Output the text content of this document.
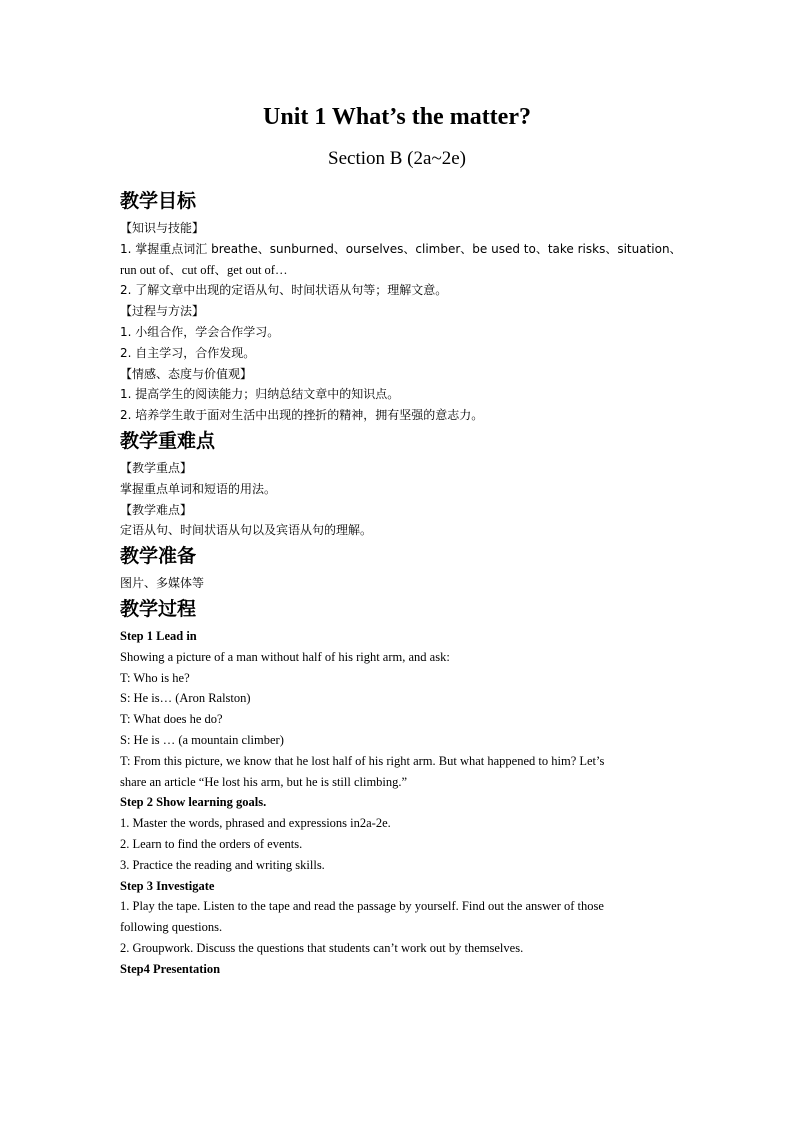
Unit 1 What’s the matter?
Section B (2a~2e)
教学目标
【知识与技能】
1. 掌握重点词汇 breathe、sunburned、ourselves、climber、be used to、take risks、situation、
run out of、cut off、get out of…
2. 了解文章中出现的定语从句、时间状语从句等；理解文意。
【过程与方法】
1. 小组合作，学会合作学习。
2. 自主学习，合作发现。
【情感、态度与价值观】
1. 提高学生的阅读能力；归纳总结文章中的知识点。
2. 培养学生敢于面对生活中出现的挫折的精神，拥有坚强的意志力。
教学重难点
【教学重点】
掌握重点单词和短语的用法。
【教学难点】
定语从句、时间状语从句以及宾语从句的理解。
教学准备
图片、多媒体等
教学过程
Step 1 Lead in
Showing a picture of a man without half of his right arm, and ask:
T: Who is he?
S: He is… (Aron Ralston)
T: What does he do?
S: He is … (a mountain climber)
T: From this picture, we know that he lost half of his right arm. But what happened to him? Let’s
share an article “He lost his arm, but he is still climbing.”
Step 2 Show learning goals.
1. Master the words, phrased and expressions in2a-2e.
2. Learn to find the orders of events.
3. Practice the reading and writing skills.
Step 3 Investigate
1. Play the tape. Listen to the tape and read the passage by yourself. Find out the answer of those
following questions.
2. Groupwork. Discuss the questions that students can’t work out by themselves.
Step4 Presentation
